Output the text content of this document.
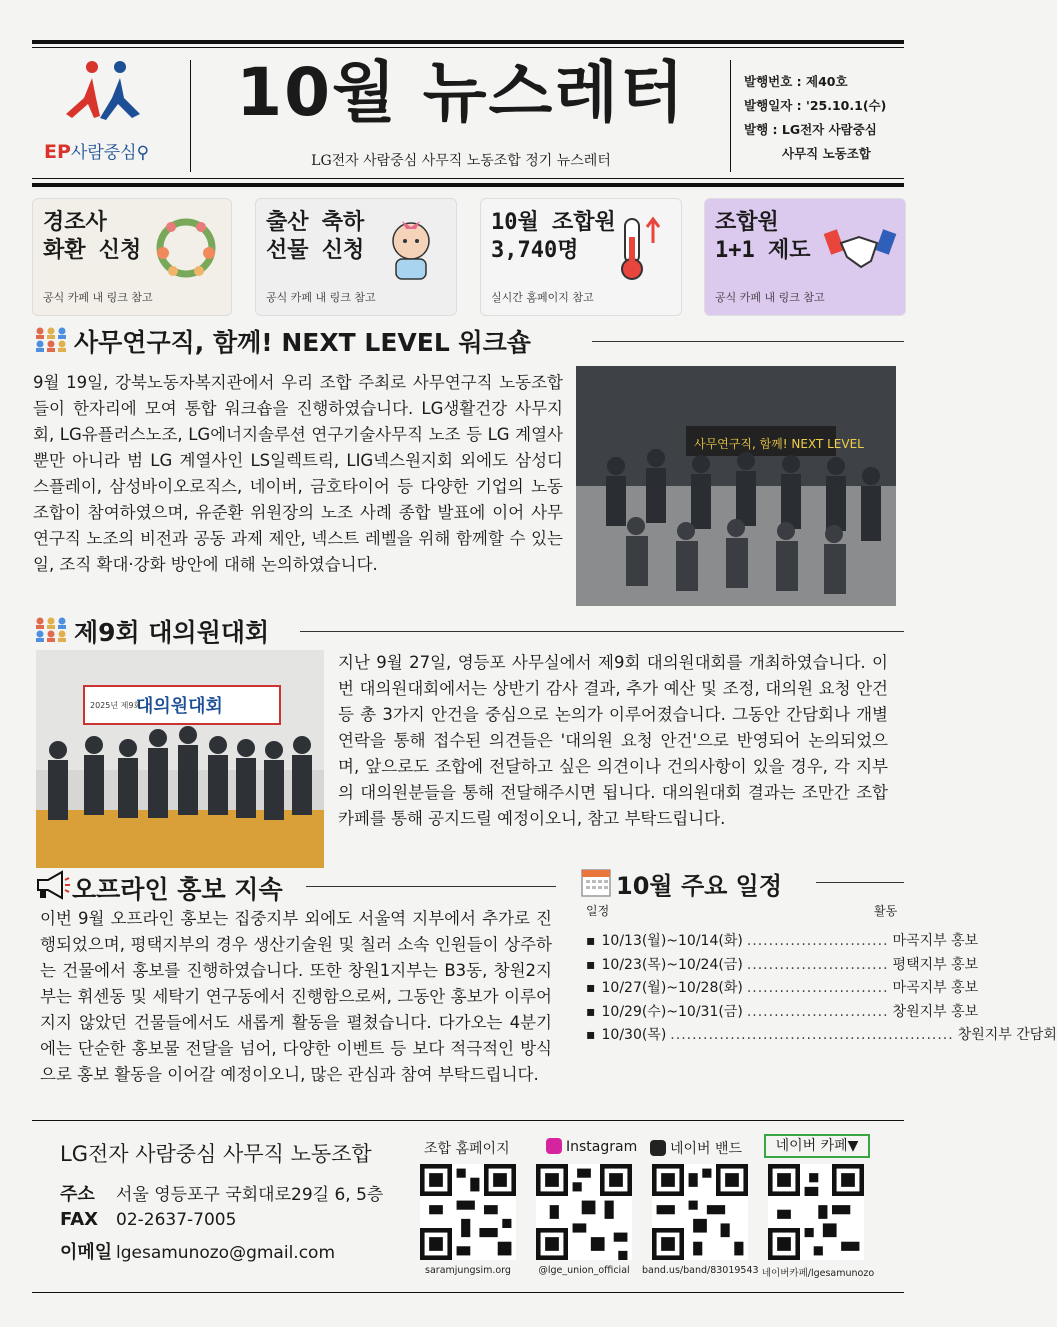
EP사람중심⚲
10월 뉴스레터
LG전자 사람중심 사무직 노동조합 정기 뉴스레터
발행번호 : 제40호
발행일자 : '25.10.1(수)
발행 : LG전자 사람중심
사무직 노동조합
경조사
화환 신청
공식 카페 내 링크 참고
출산 축하
선물 신청
공식 카페 내 링크 참고
10월 조합원
3,740명
실시간 홈페이지 참고
조합원
1+1 제도
공식 카페 내 링크 참고
사무연구직, 함께! NEXT LEVEL 워크숍
9월 19일, 강북노동자복지관에서 우리 조합 주최로 사무연구직 노동조합들이 한자리에 모여 통합 워크숍을 진행하였습니다. LG생활건강 사무지회, LG유플러스노조, LG에너지솔루션 연구기술사무직 노조 등 LG 계열사 뿐만 아니라 범 LG 계열사인 LS일렉트릭, LIG넥스원지회 외에도 삼성디스플레이, 삼성바이오로직스, 네이버, 금호타이어 등 다양한 기업의 노동조합이 참여하였으며, 유준환 위원장의 노조 사례 종합 발표에 이어 사무연구직 노조의 비전과 공동 과제 제안, 넥스트 레벨을 위해 함께할 수 있는 일, 조직 확대·강화 방안에 대해 논의하였습니다.
사무연구직, 함께! NEXT LEVEL
제9회 대의원대회
대의원대회
2025년 제9회
지난 9월 27일, 영등포 사무실에서 제9회 대의원대회를 개최하였습니다. 이번 대의원대회에서는 상반기 감사 결과, 추가 예산 및 조정, 대의원 요청 안건 등 총 3가지 안건을 중심으로 논의가 이루어졌습니다. 그동안 간담회나 개별 연락을 통해 접수된 의견들은 '대의원 요청 안건'으로 반영되어 논의되었으며, 앞으로도 조합에 전달하고 싶은 의견이나 건의사항이 있을 경우, 각 지부의 대의원분들을 통해 전달해주시면 됩니다. 대의원대회 결과는 조만간 조합 카페를 통해 공지드릴 예정이오니, 참고 부탁드립니다.
오프라인 홍보 지속
이번 9월 오프라인 홍보는 집중지부 외에도 서울역 지부에서 추가로 진행되었으며, 평택지부의 경우 생산기술원 및 칠러 소속 인원들이 상주하는 건물에서 홍보를 진행하였습니다. 또한 창원1지부는 B3동, 창원2지부는 휘센동 및 세탁기 연구동에서 진행함으로써, 그동안 홍보가 이루어지지 않았던 건물들에서도 새롭게 활동을 펼쳤습니다. 다가오는 4분기에는 단순한 홍보물 전달을 넘어, 다양한 이벤트 등 보다 적극적인 방식으로 홍보 활동을 이어갈 예정이오니, 많은 관심과 참여 부탁드립니다.
10월 주요 일정
일정	활동
▪ 10/13(월)~10/14(화) .......................... 마곡지부 홍보
▪ 10/23(목)~10/24(금) .......................... 평택지부 홍보
▪ 10/27(월)~10/28(화) .......................... 마곡지부 홍보
▪ 10/29(수)~10/31(금) .......................... 창원지부 홍보
▪ 10/30(목) .................................................... 창원지부 간담회
LG전자 사람중심 사무직 노동조합
주소 서울 영등포구 국회대로29길 6, 5층
FAX 02-2637-7005
이메일 lgesamunozo@gmail.com
조합 홈페이지	Instagram	네이버 밴드	네이버 카페▼
saramjungsim.org	@lge_union_official	band.us/band/83019543 네이버카페/lgesamunozo
